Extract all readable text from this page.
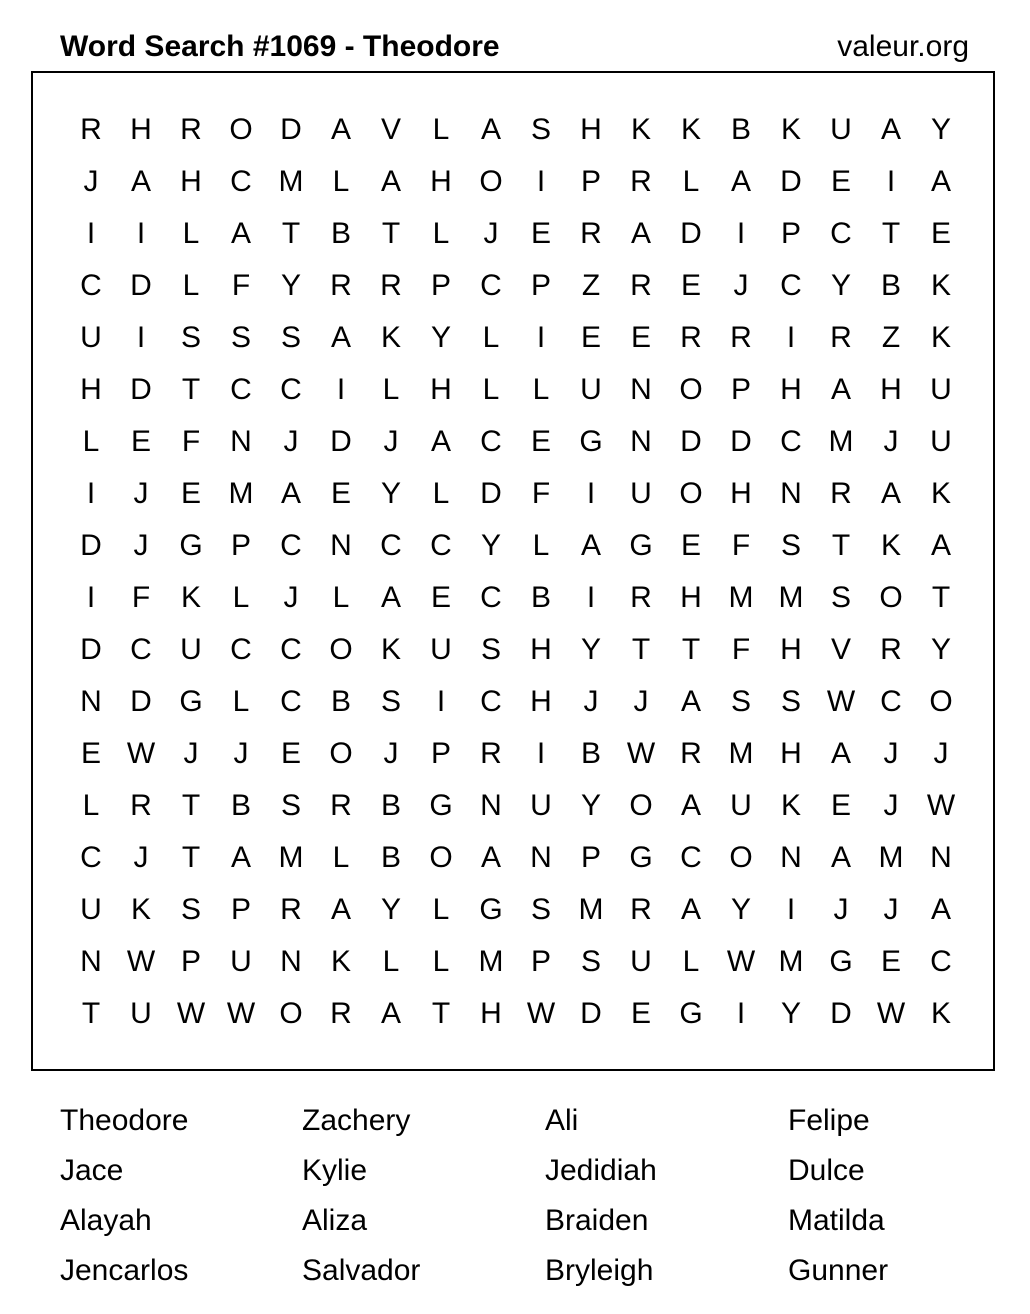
Word Search #1069 - Theodore	valeur.org
R H R O D A V	L	A S H K K B K U A Y
J	A H C M L	A H O	I	P R	L	A D E	I	A
I	I	L	A	T	B	T	L	J	E R A D	I	P C	T	E
C D	L	F	Y R R P C P	Z	R E	J	C Y B K
U	I	S S S A K Y	L	I	E E R R	I	R	Z	K
H D	T	C C	I	L	H	L	L	U N O P H A H U
L	E	F	N	J	D	J	A C E G N D D C M	J	U
I	J	E M A E Y	L	D	F	I	U O H N R A K
D	J	G P C N C C Y	L	A G E	F	S	T	K A
I	F	K	L	J	L	A E C B	I	R H M M S O T
D C U C C O K U S H Y	T	T	F	H V R Y
N D G L	C B S	I	C H	J	J	A S S W C O
E W J	J	E O	J	P R	I	B W R M H A	J	J
L	R	T	B S R B G N U Y O A U K E	J W
C	J	T	A M L	B O A N P G C O N A M N
U K S P R A Y	L G S M R A Y	I	J	J	A
N W P U N K	L	L M P S U	L W M G E C
T	U W W O R A	T	H W D E G	I	Y D W K
Theodore	Zachery	Ali	Felipe
Jace	Kylie	Jedidiah	Dulce
Alayah	Aliza	Braiden	Matilda
Jencarlos	Salvador	Bryleigh	Gunner
